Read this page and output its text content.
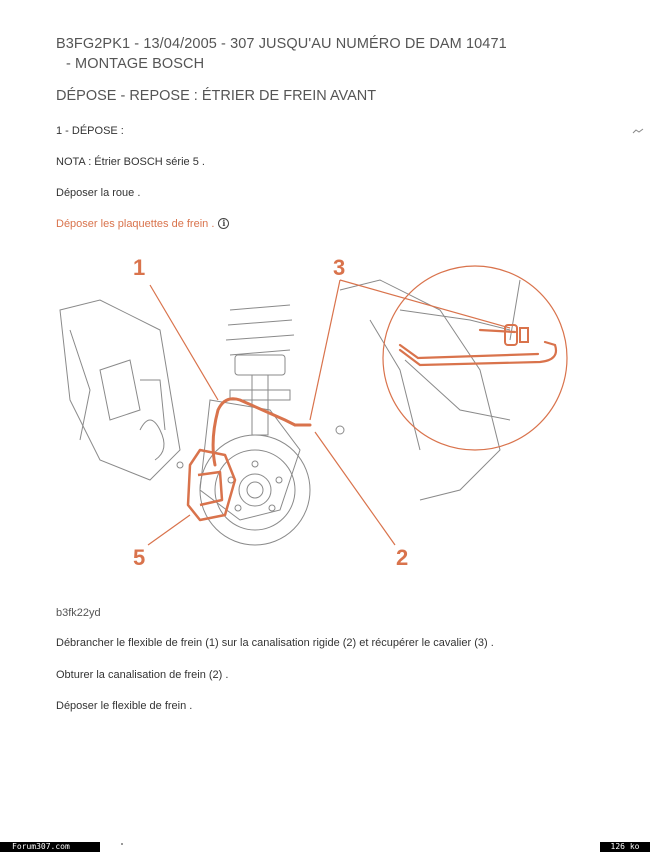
B3FG2PK1 - 13/04/2005 - 307 JUSQU'AU NUMÉRO DE DAM 10471
- MONTAGE BOSCH
DÉPOSE - REPOSE : ÉTRIER DE FREIN AVANT
1 - DÉPOSE :
NOTA : Étrier BOSCH série 5 .
Déposer la roue .
Déposer les plaquettes de frein . i
1	3
5	2
b3fk22yd
Débrancher le flexible de frein (1) sur la canalisation rigide (2) et récupérer le cavalier (3) .
Obturer la canalisation de frein (2) .
Déposer le flexible de frein .
Forum307.com	126 ko
